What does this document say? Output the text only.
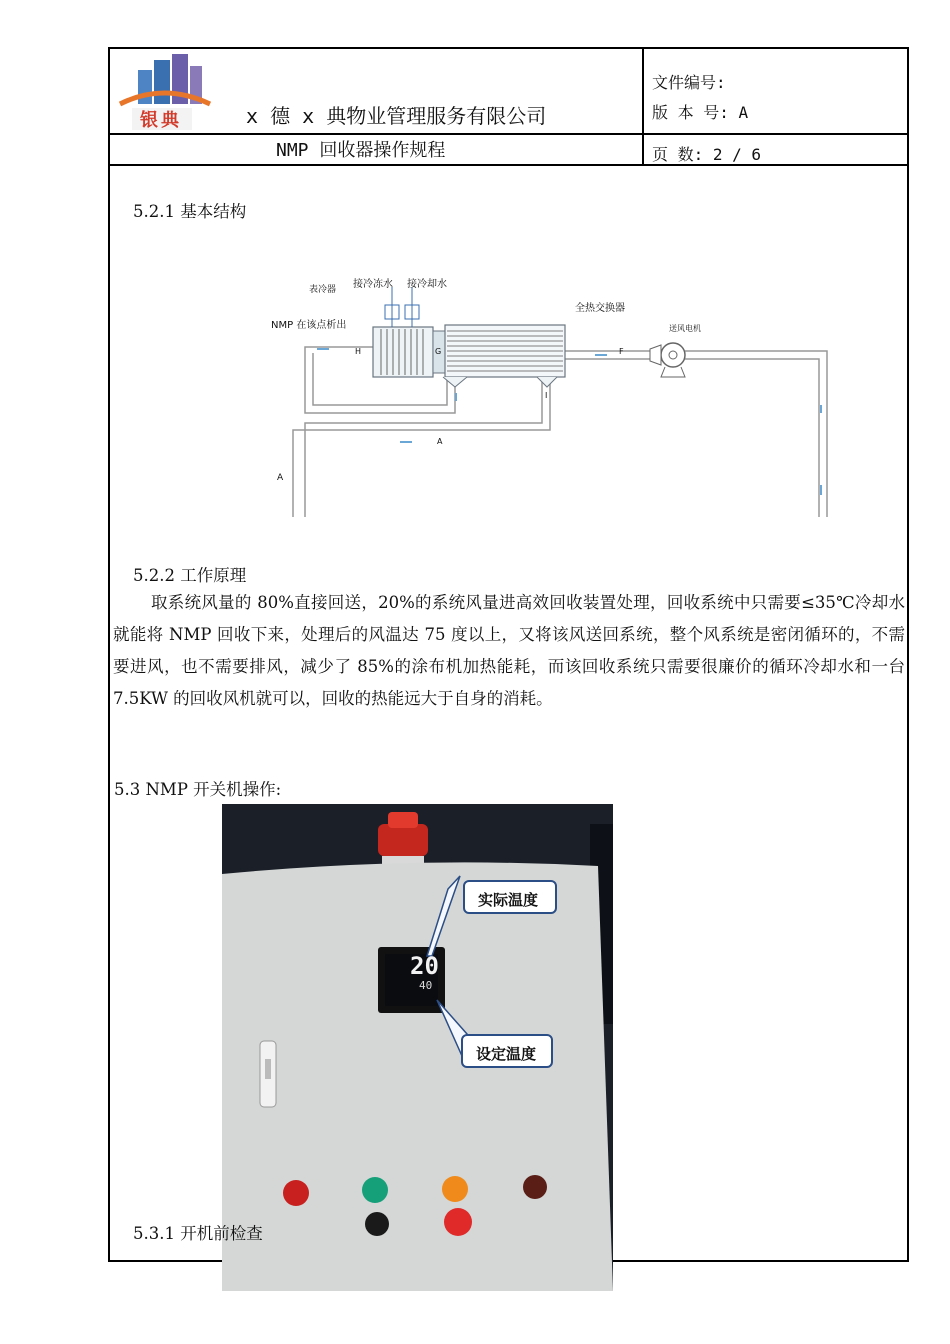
银典	x 德 x 典物业管理服务有限公司
NMP 回收器操作规程
文件编号:
版 本 号: A
页 数: 2 / 6
5.2.1 基本结构
表冷器 接冷冻水 接冷却水
NMP 在该点析出
全热交换器
送风电机
H	G	F
I
A
A
5.2.2 工作原理

取系统风量的 80%直接回送，20%的系统风量进高效回收装置处理，回收系统中只需要≤35℃冷却水就能将 NMP 回收下来，处理后的风温达 75 度以上，又将该风送回系统，整个风系统是密闭循环的，不需要进风，也不需要排风，减少了 85%的涂布机加热能耗，而该回收系统只需要很廉价的循环冷却水和一台 7.5KW 的回收风机就可以，回收的热能远大于自身的消耗。

5.3 NMP 开关机操作:
20
40
实际温度
设定温度
5.3.1 开机前检查
